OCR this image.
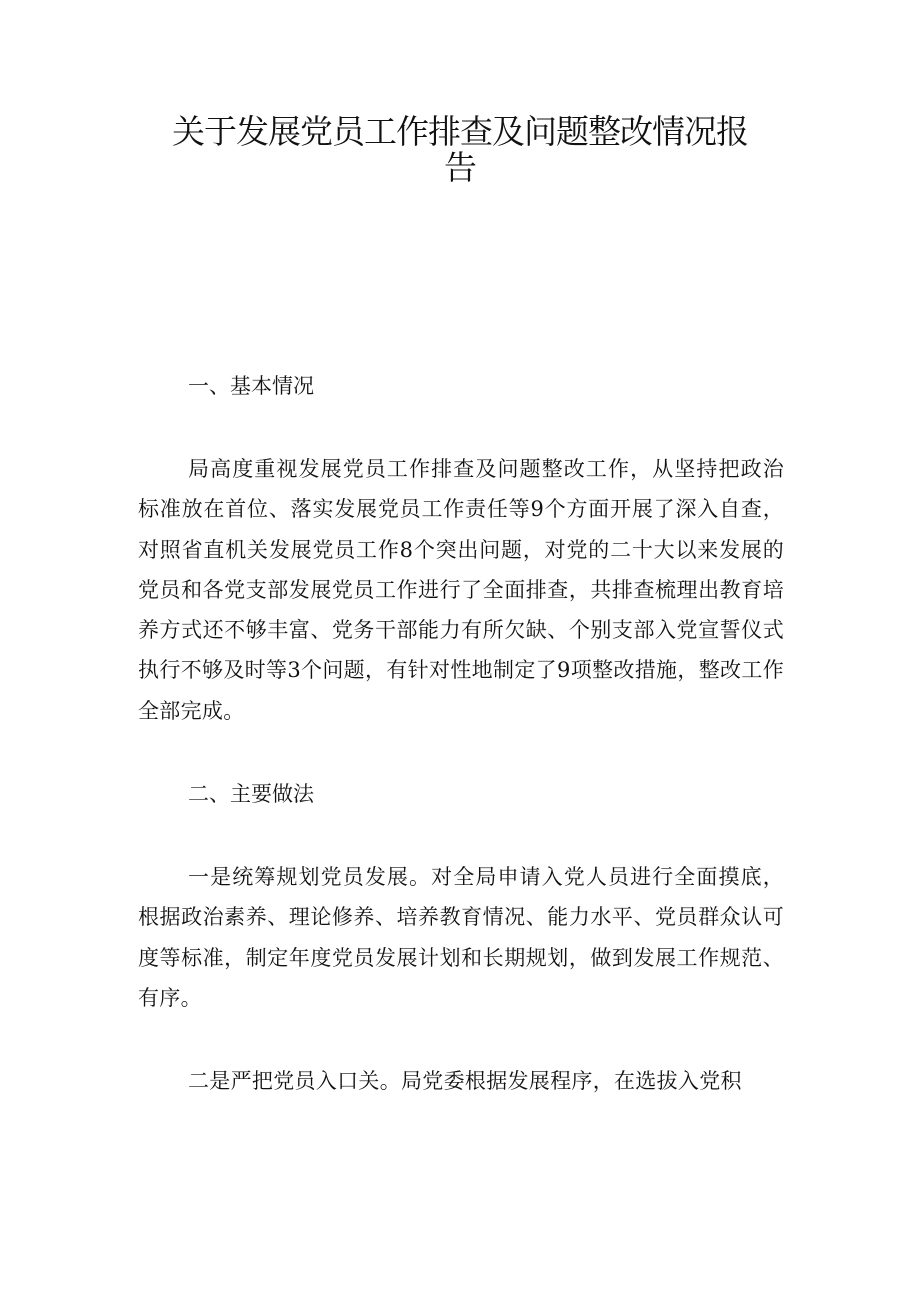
关于发展党员工作排查及问题整改情况报告
一、基本情况

局高度重视发展党员工作排查及问题整改工作，从坚持把政治标准放在首位、落实发展党员工作责任等9个方面开展了深入自查，对照省直机关发展党员工作8个突出问题，对党的二十大以来发展的党员和各党支部发展党员工作进行了全面排查，共排查梳理出教育培养方式还不够丰富、党务干部能力有所欠缺、个别支部入党宣誓仪式执行不够及时等3个问题，有针对性地制定了9项整改措施，整改工作全部完成。

二、主要做法

一是统筹规划党员发展。对全局申请入党人员进行全面摸底，根据政治素养、理论修养、培养教育情况、能力水平、党员群众认可度等标准，制定年度党员发展计划和长期规划，做到发展工作规范、有序。

二是严把党员入口关。局党委根据发展程序，在选拔入党积
